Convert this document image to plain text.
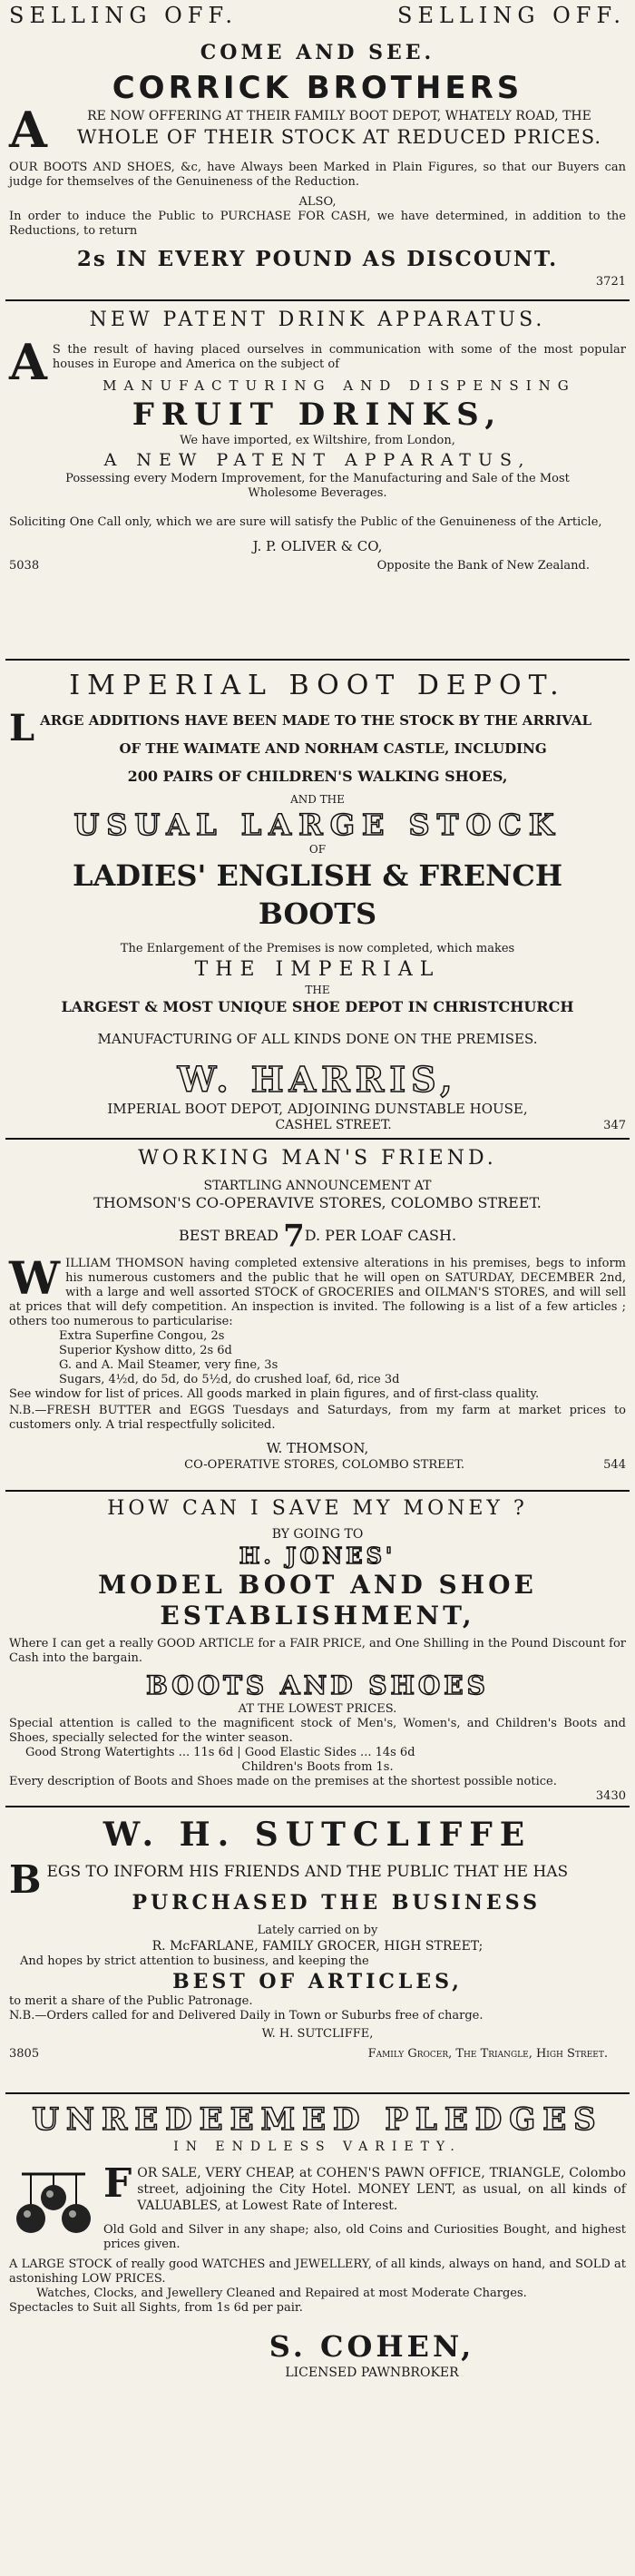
SELLING OFF.	SELLING OFF.
COME AND SEE.
CORRICK BROTHERS
A	RE NOW OFFERING AT THEIR FAMILY BOOT DEPOT, WHATELY ROAD, THE
WHOLE OF THEIR STOCK AT REDUCED PRICES.
OUR BOOTS AND SHOES, &c, have Always been Marked in Plain Figures, so that our Buyers can judge for themselves of the Genuineness of the Reduction.
ALSO,
In order to induce the Public to PURCHASE FOR CASH, we have determined, in addition to the Reductions, to return
2s IN EVERY POUND AS DISCOUNT.
3721
NEW PATENT DRINK APPARATUS.
A S the result of having placed ourselves in communication with some of the most popular houses in Europe and America on the subject of
MANUFACTURING AND DISPENSING
FRUIT DRINKS,
We have imported, ex Wiltshire, from London,
A NEW PATENT APPARATUS,
Possessing every Modern Improvement, for the Manufacturing and Sale of the Most Wholesome Beverages.
Soliciting One Call only, which we are sure will satisfy the Public of the Genuineness of the Article,
J. P. OLIVER & CO,
5038	Opposite the Bank of New Zealand.
IMPERIAL BOOT DEPOT.
L ARGE ADDITIONS HAVE BEEN MADE TO THE STOCK BY THE ARRIVAL
OF THE WAIMATE AND NORHAM CASTLE, INCLUDING
200 PAIRS OF CHILDREN'S WALKING SHOES,
AND THE
USUAL LARGE STOCK
OF
LADIES' ENGLISH & FRENCH BOOTS
The Enlargement of the Premises is now completed, which makes
THE IMPERIAL
THE
LARGEST & MOST UNIQUE SHOE DEPOT IN CHRISTCHURCH
MANUFACTURING OF ALL KINDS DONE ON THE PREMISES.
W. HARRIS,
IMPERIAL BOOT DEPOT, ADJOINING DUNSTABLE HOUSE,
CASHEL STREET.	347
WORKING MAN'S FRIEND.
STARTLING ANNOUNCEMENT AT
THOMSON'S CO-OPERAVIVE STORES, COLOMBO STREET.
BEST BREAD 7D. PER LOAF CASH.
W ILLIAM THOMSON having completed extensive alterations in his premises, begs to inform his numerous customers and the public that he will open on SATURDAY, DECEMBER 2nd, with a large and well assorted STOCK of GROCERIES and OILMAN'S STORES, and will sell at prices that will defy competition. An inspection is invited. The following is a list of a few articles ; others too numerous to particularise:
Extra Superfine Congou, 2s
Superior Kyshow ditto, 2s 6d
G. and A. Mail Steamer, very fine, 3s
Sugars, 4½d, do 5d, do 5½d, do crushed loaf, 6d, rice 3d
See window for list of prices. All goods marked in plain figures, and of first-class quality.
N.B.—FRESH BUTTER and EGGS Tuesdays and Saturdays, from my farm at market prices to customers only. A trial respectfully solicited.
W. THOMSON,
CO-OPERATIVE STORES, COLOMBO STREET.	544
HOW CAN I SAVE MY MONEY ?
BY GOING TO
H. JONES'
MODEL BOOT AND SHOE
ESTABLISHMENT,
Where I can get a really GOOD ARTICLE for a FAIR PRICE, and One Shilling in the Pound Discount for Cash into the bargain.
BOOTS AND SHOES
AT THE LOWEST PRICES.
Special attention is called to the magnificent stock of Men's, Women's, and Children's Boots and Shoes, specially selected for the winter season.
Good Strong Watertights ... 11s 6d | Good Elastic Sides ... 14s 6d
Children's Boots from 1s.
Every description of Boots and Shoes made on the premises at the shortest possible notice.
3430
W. H. SUTCLIFFE
B EGS TO INFORM HIS FRIENDS AND THE PUBLIC THAT HE HAS
PURCHASED THE BUSINESS
Lately carried on by
R. McFARLANE, FAMILY GROCER, HIGH STREET;
And hopes by strict attention to business, and keeping the
BEST OF ARTICLES,
to merit a share of the Public Patronage.
N.B.—Orders called for and Delivered Daily in Town or Suburbs free of charge.
W. H. SUTCLIFFE,
3805	Family Grocer, The Triangle, High Street.
UNREDEEMED PLEDGES
IN ENDLESS VARIETY.
F OR SALE, VERY CHEAP, at COHEN'S PAWN OFFICE, TRIANGLE, Colombo street, adjoining the City Hotel. MONEY LENT, as usual, on all kinds of VALUABLES, at Lowest Rate of Interest.
Old Gold and Silver in any shape; also, old Coins and Curiosities Bought, and highest prices given.
A LARGE STOCK of really good WATCHES and JEWELLERY, of all kinds, always on hand, and SOLD at astonishing LOW PRICES.
Watches, Clocks, and Jewellery Cleaned and Repaired at most Moderate Charges.
Spectacles to Suit all Sights, from 1s 6d per pair.
S. COHEN,
LICENSED PAWNBROKER
